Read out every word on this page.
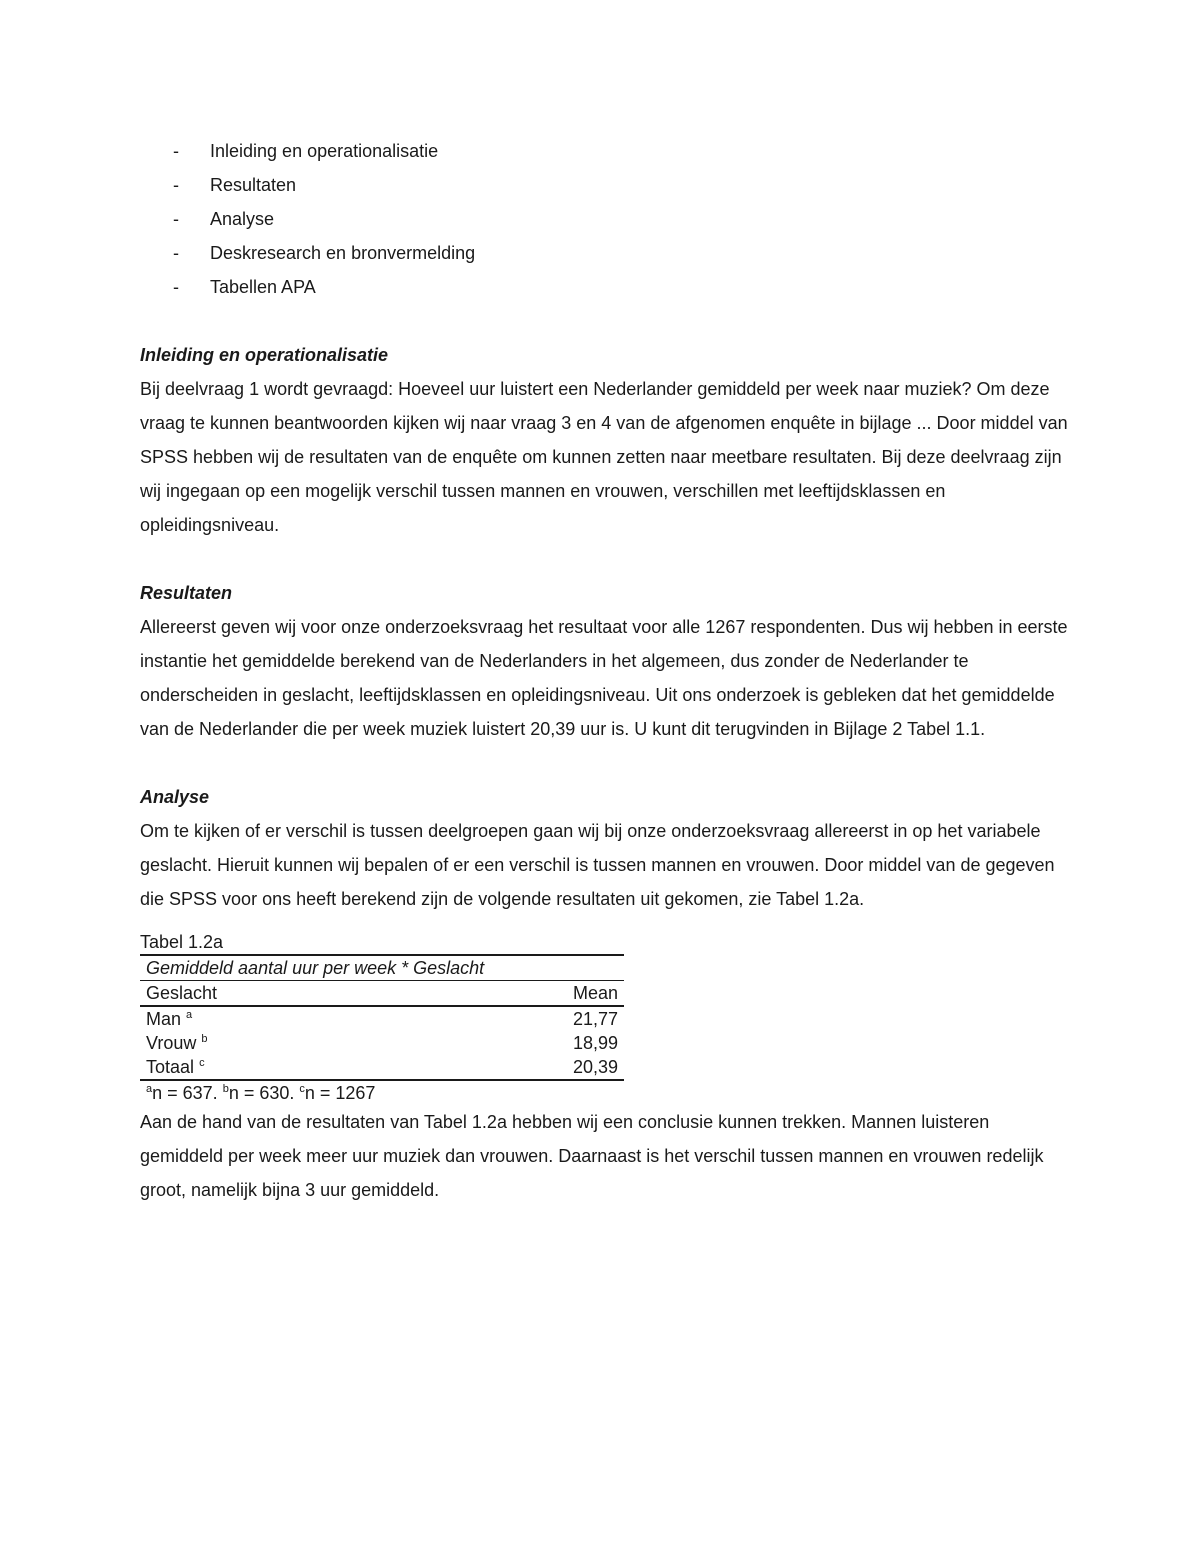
- Inleiding en operationalisatie
- Resultaten
- Analyse
- Deskresearch en bronvermelding
- Tabellen APA
Inleiding en operationalisatie

Bij deelvraag 1 wordt gevraagd: Hoeveel uur luistert een Nederlander gemiddeld per week naar muziek? Om deze vraag te kunnen beantwoorden kijken wij naar vraag 3 en 4 van de afgenomen enquête in bijlage ... Door middel van SPSS hebben wij de resultaten van de enquête om kunnen zetten naar meetbare resultaten. Bij deze deelvraag zijn wij ingegaan op een mogelijk verschil tussen mannen en vrouwen, verschillen met leeftijdsklassen en opleidingsniveau.

Resultaten

Allereerst geven wij voor onze onderzoeksvraag het resultaat voor alle 1267 respondenten. Dus wij hebben in eerste instantie het gemiddelde berekend van de Nederlanders in het algemeen, dus zonder de Nederlander te onderscheiden in geslacht, leeftijdsklassen en opleidingsniveau. Uit ons onderzoek is gebleken dat het gemiddelde van de Nederlander die per week muziek luistert 20,39 uur is. U kunt dit terugvinden in Bijlage 2 Tabel 1.1.

Analyse

Om te kijken of er verschil is tussen deelgroepen gaan wij bij onze onderzoeksvraag allereerst in op het variabele geslacht. Hieruit kunnen wij bepalen of er een verschil is tussen mannen en vrouwen. Door middel van de gegeven die SPSS voor ons heeft berekend zijn de volgende resultaten uit gekomen, zie Tabel 1.2a.

Tabel 1.2a
Gemiddeld aantal uur per week * Geslacht	
Geslacht	Mean
Man $^a$	21,77
Vrouw $^b$	18,99
Totaal $^c$	20,39
$^a$n = 637. $^b$n = 630. $^c$n = 1267

Aan de hand van de resultaten van Tabel 1.2a hebben wij een conclusie kunnen trekken. Mannen luisteren gemiddeld per week meer uur muziek dan vrouwen. Daarnaast is het verschil tussen mannen en vrouwen redelijk groot, namelijk bijna 3 uur gemiddeld.
